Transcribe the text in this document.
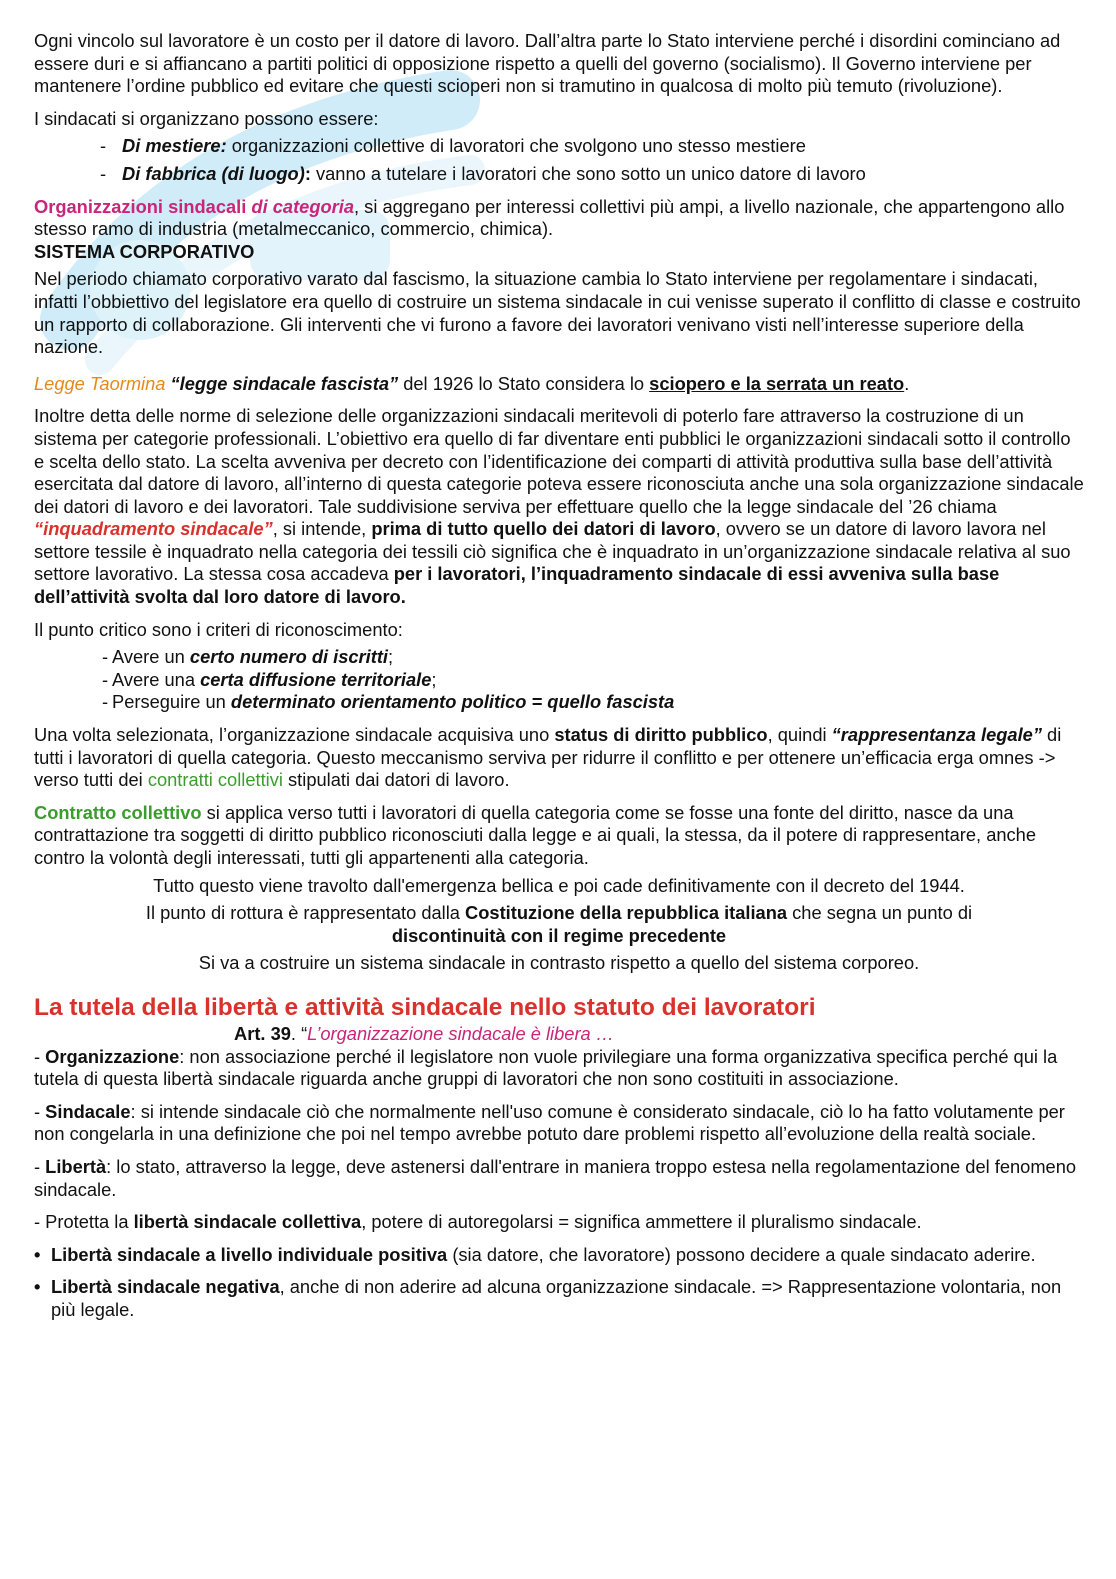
Ogni vincolo sul lavoratore è un costo per il datore di lavoro. Dall’altra parte lo Stato interviene perché i disordini cominciano ad essere duri e si affiancano a partiti politici di opposizione rispetto a quelli del governo (socialismo). Il Governo interviene per mantenere l’ordine pubblico ed evitare che questi scioperi non si tramutino in qualcosa di molto più temuto (rivoluzione).

I sindacati si organizzano possono essere:

- Di mestiere: organizzazioni collettive di lavoratori che svolgono uno stesso mestiere
- Di fabbrica (di luogo): vanno a tutelare i lavoratori che sono sotto un unico datore di lavoro

Organizzazioni sindacali di categoria, si aggregano per interessi collettivi più ampi, a livello nazionale, che appartengono allo stesso ramo di industria (metalmeccanico, commercio, chimica).

SISTEMA CORPORATIVO

Nel periodo chiamato corporativo varato dal fascismo, la situazione cambia lo Stato interviene per regolamentare i sindacati, infatti l’obbiettivo del legislatore era quello di costruire un sistema sindacale in cui venisse superato il conflitto di classe e costruito un rapporto di collaborazione. Gli interventi che vi furono a favore dei lavoratori venivano visti nell’interesse superiore della nazione.

Legge Taormina “legge sindacale fascista” del 1926 lo Stato considera lo sciopero e la serrata un reato.

Inoltre detta delle norme di selezione delle organizzazioni sindacali meritevoli di poterlo fare attraverso la costruzione di un sistema per categorie professionali. L’obiettivo era quello di far diventare enti pubblici le organizzazioni sindacali sotto il controllo e scelta dello stato. La scelta avveniva per decreto con l’identificazione dei comparti di attività produttiva sulla base dell’attività esercitata dal datore di lavoro, all’interno di questa categorie poteva essere riconosciuta anche una sola organizzazione sindacale dei datori di lavoro e dei lavoratori. Tale suddivisione serviva per effettuare quello che la legge sindacale del ’26 chiama “inquadramento sindacale”, si intende, prima di tutto quello dei datori di lavoro, ovvero se un datore di lavoro lavora nel settore tessile è inquadrato nella categoria dei tessili ciò significa che è inquadrato in un’organizzazione sindacale relativa al suo settore lavorativo. La stessa cosa accadeva per i lavoratori, l’inquadramento sindacale di essi avveniva sulla base dell’attività svolta dal loro datore di lavoro.

Il punto critico sono i criteri di riconoscimento:

- Avere un certo numero di iscritti;
- Avere una certa diffusione territoriale;
- Perseguire un determinato orientamento politico = quello fascista

Una volta selezionata, l’organizzazione sindacale acquisiva uno status di diritto pubblico, quindi “rappresentanza legale” di tutti i lavoratori di quella categoria. Questo meccanismo serviva per ridurre il conflitto e per ottenere un’efficacia erga omnes -> verso tutti dei contratti collettivi stipulati dai datori di lavoro.

Contratto collettivo si applica verso tutti i lavoratori di quella categoria come se fosse una fonte del diritto, nasce da una contrattazione tra soggetti di diritto pubblico riconosciuti dalla legge e ai quali, la stessa, da il potere di rappresentare, anche contro la volontà degli interessati, tutti gli appartenenti alla categoria.

Tutto questo viene travolto dall'emergenza bellica e poi cade definitivamente con il decreto del 1944.

Il punto di rottura è rappresentato dalla Costituzione della repubblica italiana che segna un punto di
discontinuità con il regime precedente

Si va a costruire un sistema sindacale in contrasto rispetto a quello del sistema corporeo.

La tutela della libertà e attività sindacale nello statuto dei lavoratori

Art. 39. “L’organizzazione sindacale è libera …

- Organizzazione: non associazione perché il legislatore non vuole privilegiare una forma organizzativa specifica perché qui la tutela di questa libertà sindacale riguarda anche gruppi di lavoratori che non sono costituiti in associazione.

- Sindacale: si intende sindacale ciò che normalmente nell'uso comune è considerato sindacale, ciò lo ha fatto volutamente per non congelarla in una definizione che poi nel tempo avrebbe potuto dare problemi rispetto all’evoluzione della realtà sociale.

- Libertà: lo stato, attraverso la legge, deve astenersi dall'entrare in maniera troppo estesa nella regolamentazione del fenomeno sindacale.

- Protetta la libertà sindacale collettiva, potere di autoregolarsi = significa ammettere il pluralismo sindacale.

• Libertà sindacale a livello individuale positiva (sia datore, che lavoratore) possono decidere a quale sindacato aderire.
• Libertà sindacale negativa, anche di non aderire ad alcuna organizzazione sindacale. => Rappresentazione volontaria, non più legale.
